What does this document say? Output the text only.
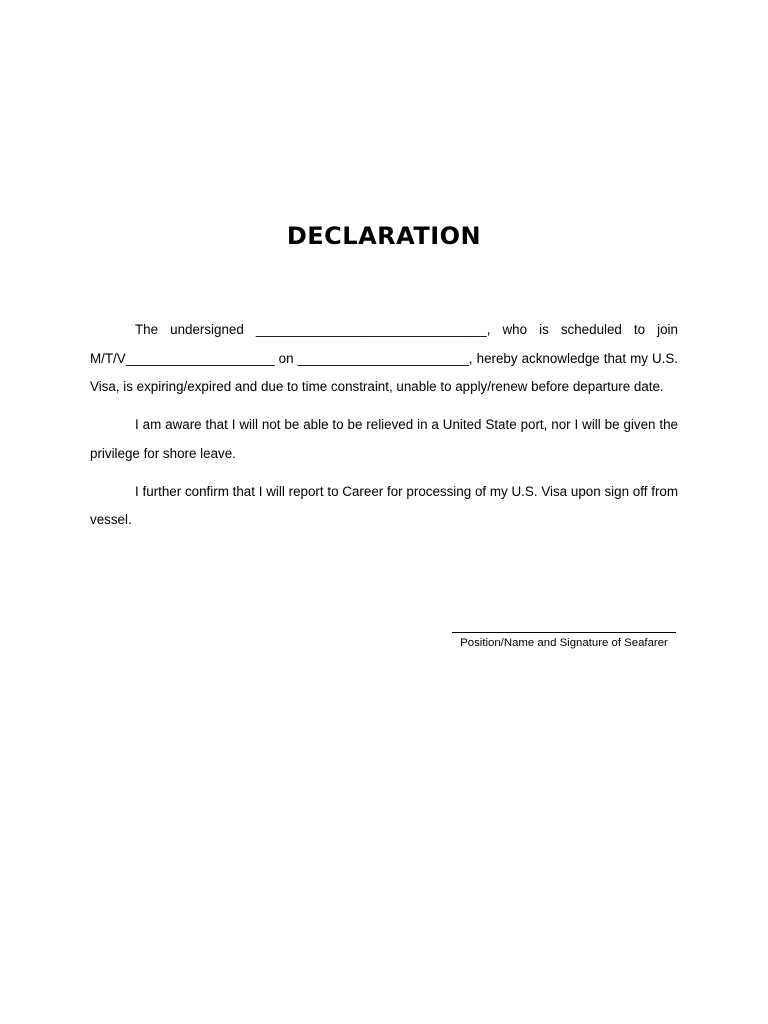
DECLARATION

The undersigned _______________________________, who is scheduled to join M/T/V____________________ on _______________________, hereby acknowledge that my U.S. Visa, is expiring/expired and due to time constraint, unable to apply/renew before departure date.

I am aware that I will not be able to be relieved in a United State port, nor I will be given the privilege for shore leave.

I further confirm that I will report to Career for processing of my U.S. Visa upon sign off from vessel.

Position/Name and Signature of Seafarer
